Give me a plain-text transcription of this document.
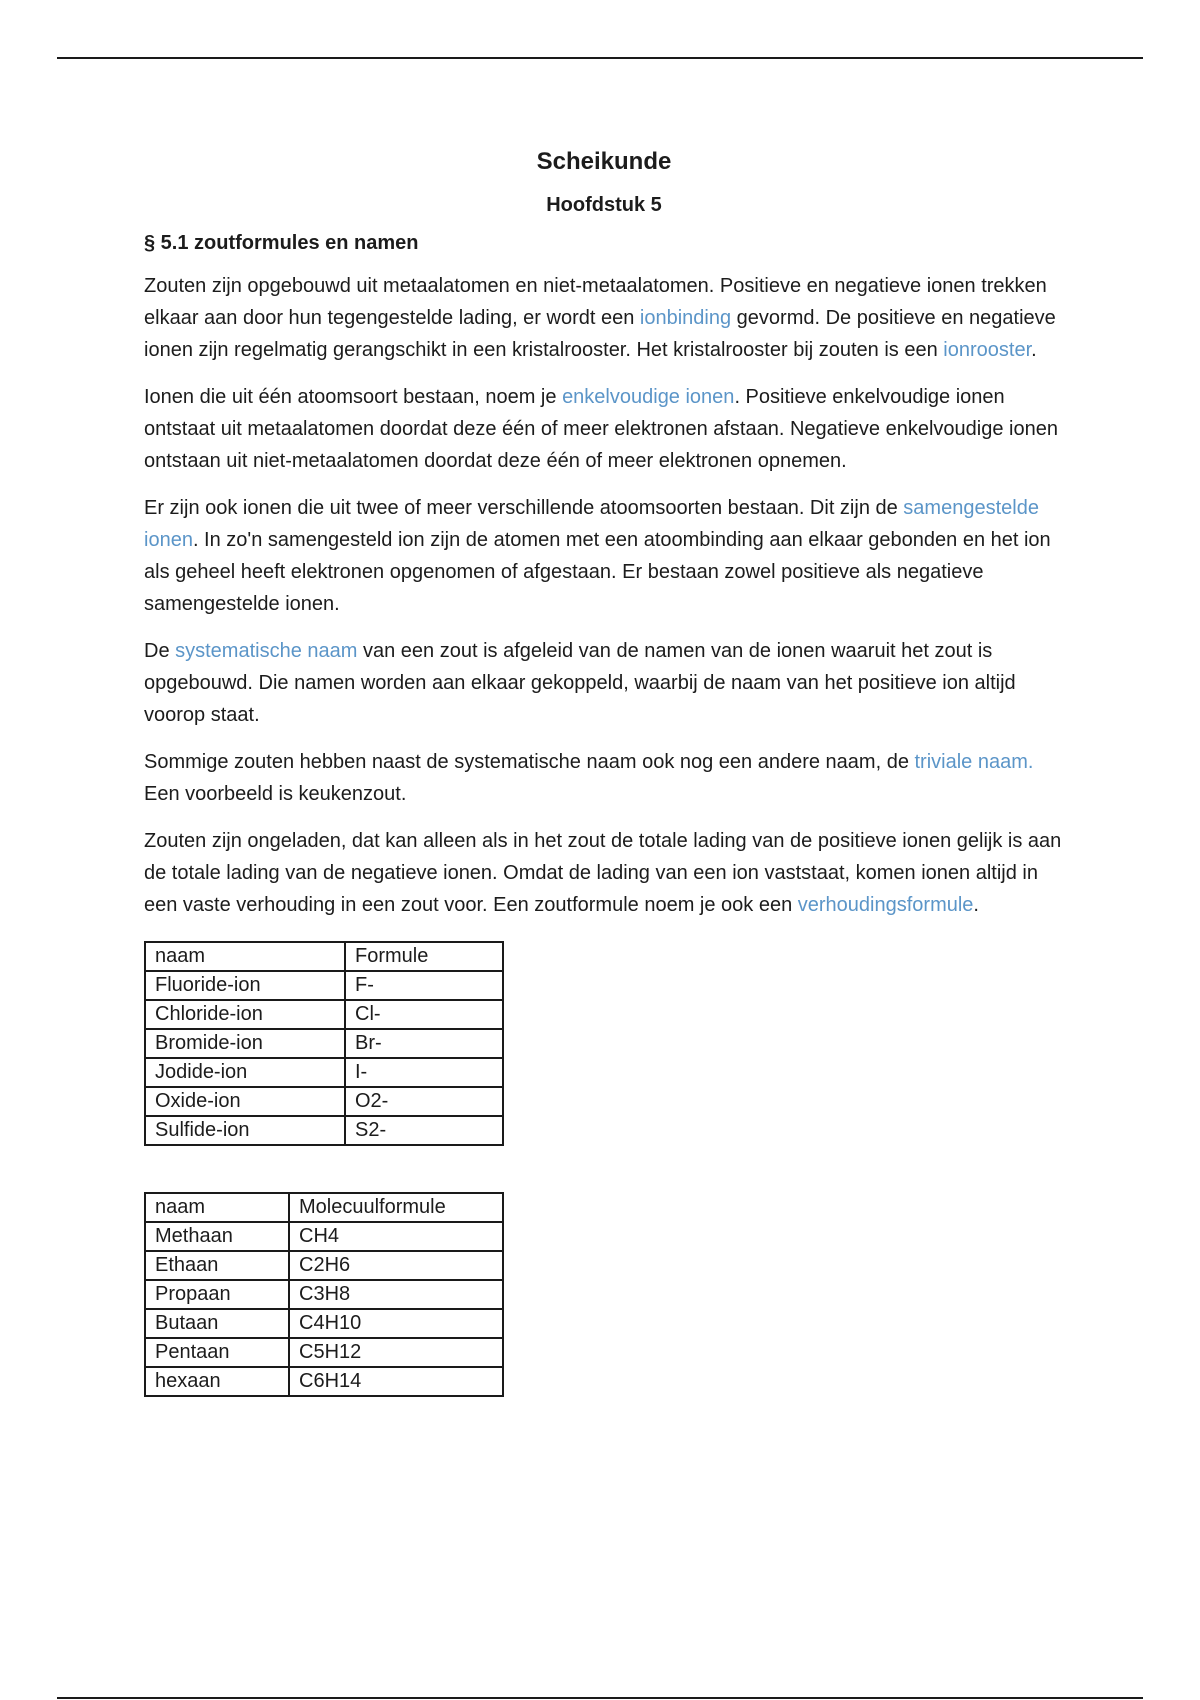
Scheikunde
Hoofdstuk 5
§ 5.1 zoutformules en namen

Zouten zijn opgebouwd uit metaalatomen en niet-metaalatomen. Positieve en negatieve ionen trekken elkaar aan door hun tegengestelde lading, er wordt een ionbinding gevormd. De positieve en negatieve ionen zijn regelmatig gerangschikt in een kristalrooster. Het kristalrooster bij zouten is een ionrooster.

Ionen die uit één atoomsoort bestaan, noem je enkelvoudige ionen. Positieve enkelvoudige ionen ontstaat uit metaalatomen doordat deze één of meer elektronen afstaan. Negatieve enkelvoudige ionen ontstaan uit niet-metaalatomen doordat deze één of meer elektronen opnemen.

Er zijn ook ionen die uit twee of meer verschillende atoomsoorten bestaan. Dit zijn de samengestelde ionen. In zo'n samengesteld ion zijn de atomen met een atoombinding aan elkaar gebonden en het ion als geheel heeft elektronen opgenomen of afgestaan. Er bestaan zowel positieve als negatieve samengestelde ionen.

De systematische naam van een zout is afgeleid van de namen van de ionen waaruit het zout is opgebouwd. Die namen worden aan elkaar gekoppeld, waarbij de naam van het positieve ion altijd voorop staat.

Sommige zouten hebben naast de systematische naam ook nog een andere naam, de triviale naam. Een voorbeeld is keukenzout.

Zouten zijn ongeladen, dat kan alleen als in het zout de totale lading van de positieve ionen gelijk is aan de totale lading van de negatieve ionen. Omdat de lading van een ion vaststaat, komen ionen altijd in een vaste verhouding in een zout voor. Een zoutformule noem je ook een verhoudingsformule.

naam	Formule
Fluoride-ion	F-
Chloride-ion	Cl-
Bromide-ion	Br-
Jodide-ion	I-
Oxide-ion	O2-
Sulfide-ion	S2-
naam	Molecuulformule
Methaan	CH4
Ethaan	C2H6
Propaan	C3H8
Butaan	C4H10
Pentaan	C5H12
hexaan	C6H14
